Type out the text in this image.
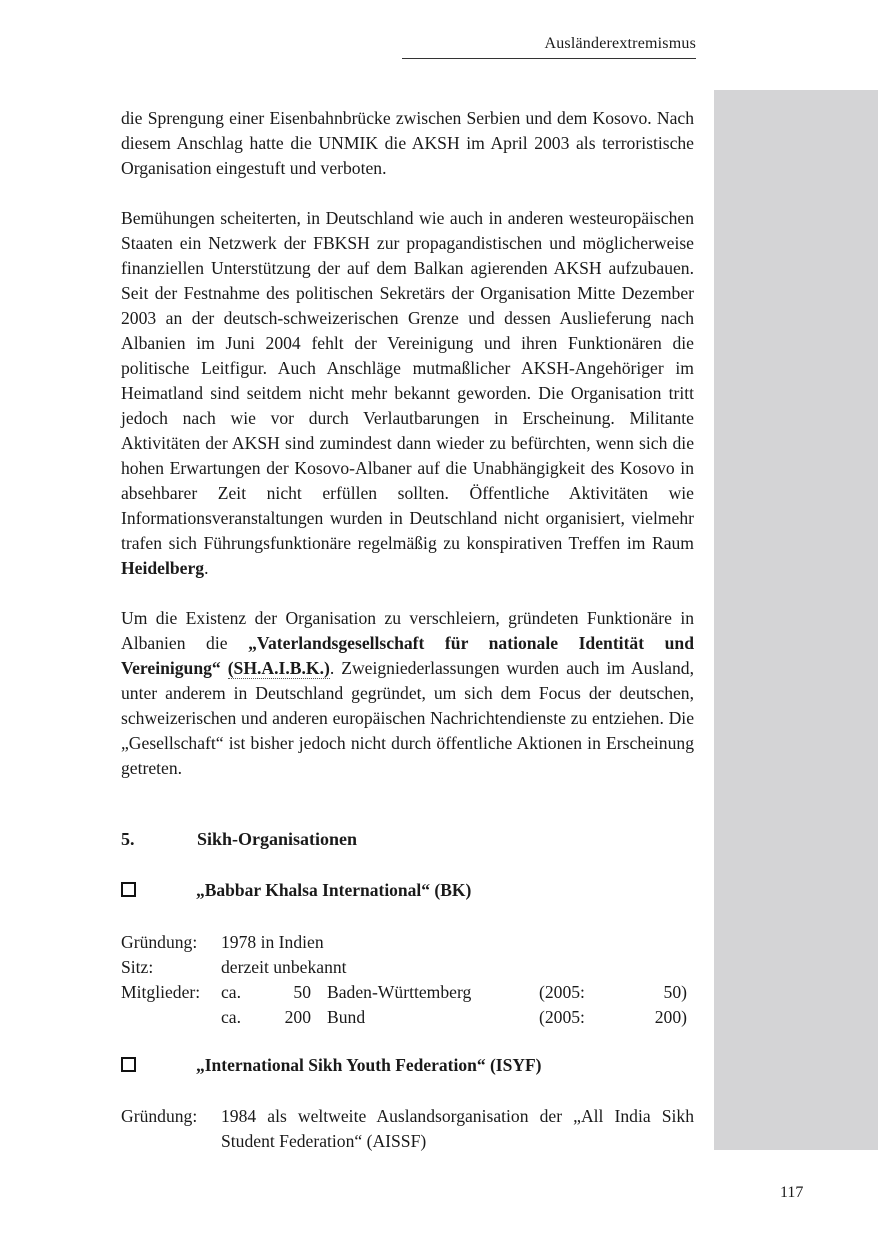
Ausländerextremismus

die Sprengung einer Eisenbahnbrücke zwischen Serbien und dem Kosovo. Nach diesem Anschlag hatte die UNMIK die AKSH im April 2003 als terroristische Organisation eingestuft und verboten.

Bemühungen scheiterten, in Deutschland wie auch in anderen westeuropäischen Staaten ein Netzwerk der FBKSH zur propagandistischen und möglicherweise finanziellen Unterstützung der auf dem Balkan agierenden AKSH aufzubauen. Seit der Festnahme des politischen Sekretärs der Organisation Mitte Dezember 2003 an der deutsch-schweizerischen Grenze und dessen Auslieferung nach Albanien im Juni 2004 fehlt der Vereinigung und ihren Funktionären die politische Leitfigur. Auch Anschläge mutmaßlicher AKSH-Angehöriger im Heimatland sind seitdem nicht mehr bekannt geworden. Die Organisation tritt jedoch nach wie vor durch Verlautbarungen in Erscheinung. Militante Aktivitäten der AKSH sind zumindest dann wieder zu befürchten, wenn sich die hohen Erwartungen der Kosovo-Albaner auf die Unabhängigkeit des Kosovo in absehbarer Zeit nicht erfüllen sollten. Öffentliche Aktivitäten wie Informationsveranstaltungen wurden in Deutschland nicht organisiert, vielmehr trafen sich Führungsfunktionäre regelmäßig zu konspirativen Treffen im Raum Heidelberg.

Um die Existenz der Organisation zu verschleiern, gründeten Funktionäre in Albanien die „Vaterlandsgesellschaft für nationale Identität und Vereinigung“ (SH.A.I.B.K.). Zweigniederlassungen wurden auch im Ausland, unter anderem in Deutschland gegründet, um sich dem Focus der deutschen, schweizerischen und anderen europäischen Nachrichtendienste zu entziehen. Die „Gesellschaft“ ist bisher jedoch nicht durch öffentliche Aktionen in Erscheinung getreten.

5.	Sikh-Organisationen
„Babbar Khalsa International“ (BK)
Gründung: 1978 in Indien
Sitz:	derzeit unbekannt
Mitglieder: ca.	50 Baden-Württemberg	(2005:	50)
ca.	200 Bund	(2005:	200)
„International Sikh Youth Federation“ (ISYF)
Gründung: 1984 als weltweite Auslandsorganisation der „All India Sikh Student Federation“ (AISSF)
117
